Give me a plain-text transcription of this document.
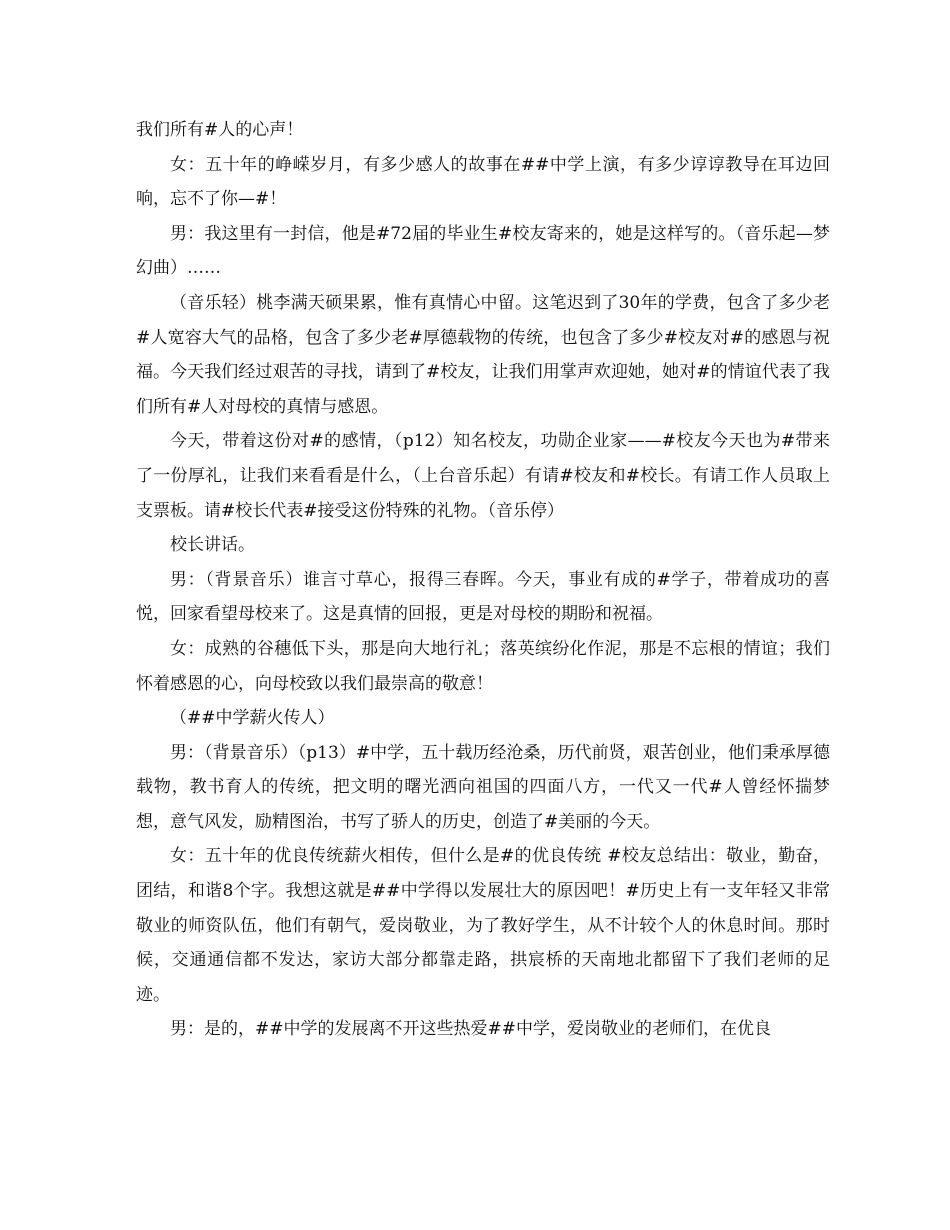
我们所有#人的心声！

女：五十年的峥嵘岁月，有多少感人的故事在##中学上演，有多少谆谆教导在耳边回响，忘不了你—#！

男：我这里有一封信，他是#72届的毕业生#校友寄来的，她是这样写的。（音乐起—梦幻曲）……

（音乐轻）桃李满天硕果累，惟有真情心中留。这笔迟到了30年的学费，包含了多少老#人宽容大气的品格，包含了多少老#厚德载物的传统，也包含了多少#校友对#的感恩与祝福。今天我们经过艰苦的寻找，请到了#校友，让我们用掌声欢迎她，她对#的情谊代表了我们所有#人对母校的真情与感恩。

今天，带着这份对#的感情，（p12）知名校友，功勋企业家——#校友今天也为#带来了一份厚礼，让我们来看看是什么，（上台音乐起）有请#校友和#校长。有请工作人员取上支票板。请#校长代表#接受这份特殊的礼物。（音乐停）

校长讲话。

男：（背景音乐）谁言寸草心，报得三春晖。今天，事业有成的#学子，带着成功的喜悦，回家看望母校来了。这是真情的回报，更是对母校的期盼和祝福。

女：成熟的谷穗低下头，那是向大地行礼；落英缤纷化作泥，那是不忘根的情谊；我们怀着感恩的心，向母校致以我们最崇高的敬意！

（##中学薪火传人）

男：（背景音乐）（p13）#中学，五十载历经沧桑，历代前贤，艰苦创业，他们秉承厚德载物，教书育人的传统，把文明的曙光洒向祖国的四面八方，一代又一代#人曾经怀揣梦想，意气风发，励精图治，书写了骄人的历史，创造了#美丽的今天。

女：五十年的优良传统薪火相传，但什么是#的优良传统 #校友总结出：敬业，勤奋，团结，和谐8个字。我想这就是##中学得以发展壮大的原因吧！#历史上有一支年轻又非常敬业的师资队伍，他们有朝气，爱岗敬业，为了教好学生，从不计较个人的休息时间。那时候，交通通信都不发达，家访大部分都靠走路，拱宸桥的天南地北都留下了我们老师的足迹。

男：是的，##中学的发展离不开这些热爱##中学，爱岗敬业的老师们，在优良
